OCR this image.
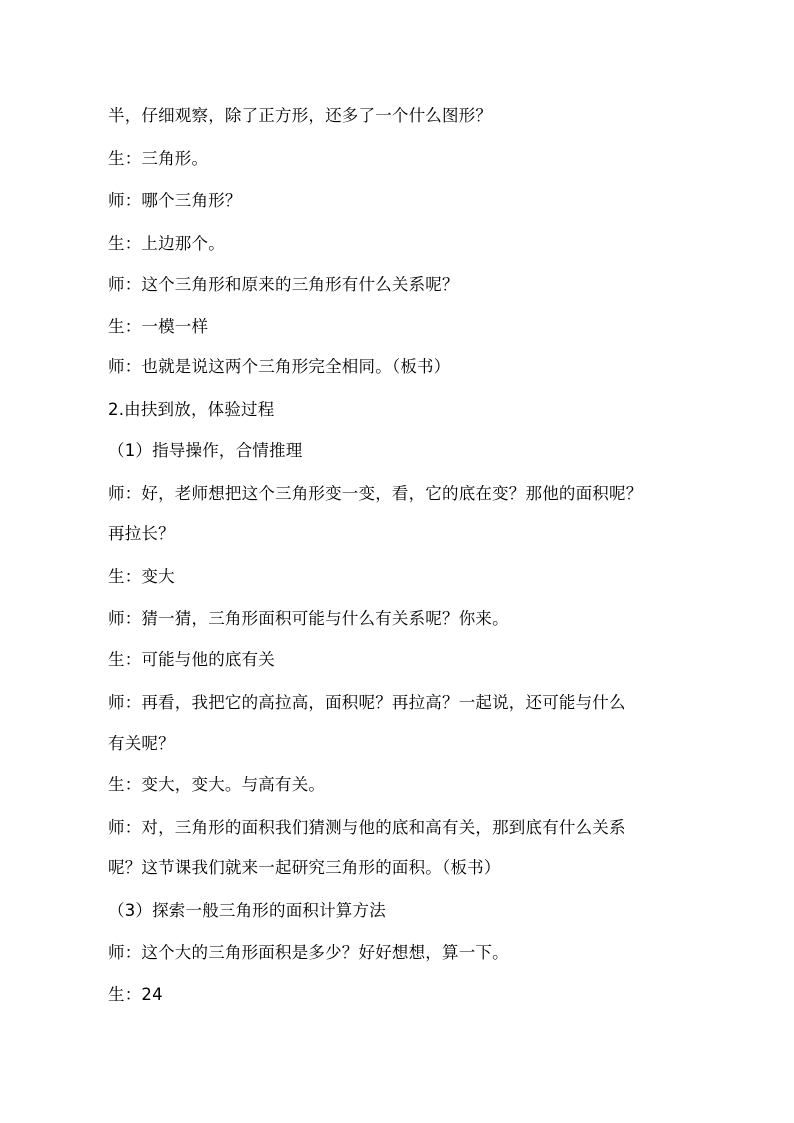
半，仔细观察，除了正方形，还多了一个什么图形？
生：三角形。
师：哪个三角形？
生：上边那个。
师：这个三角形和原来的三角形有什么关系呢？
生：一模一样
师：也就是说这两个三角形完全相同。（板书）
2.由扶到放，体验过程
（1）指导操作，合情推理
师：好，老师想把这个三角形变一变，看，它的底在变？那他的面积呢？
再拉长？
生：变大
师：猜一猜，三角形面积可能与什么有关系呢？你来。
生：可能与他的底有关
师：再看，我把它的高拉高，面积呢？再拉高？一起说，还可能与什么
有关呢？
生：变大，变大。与高有关。
师：对，三角形的面积我们猜测与他的底和高有关，那到底有什么关系
呢？这节课我们就来一起研究三角形的面积。（板书）
（3）探索一般三角形的面积计算方法
师：这个大的三角形面积是多少？好好想想，算一下。
生：24
